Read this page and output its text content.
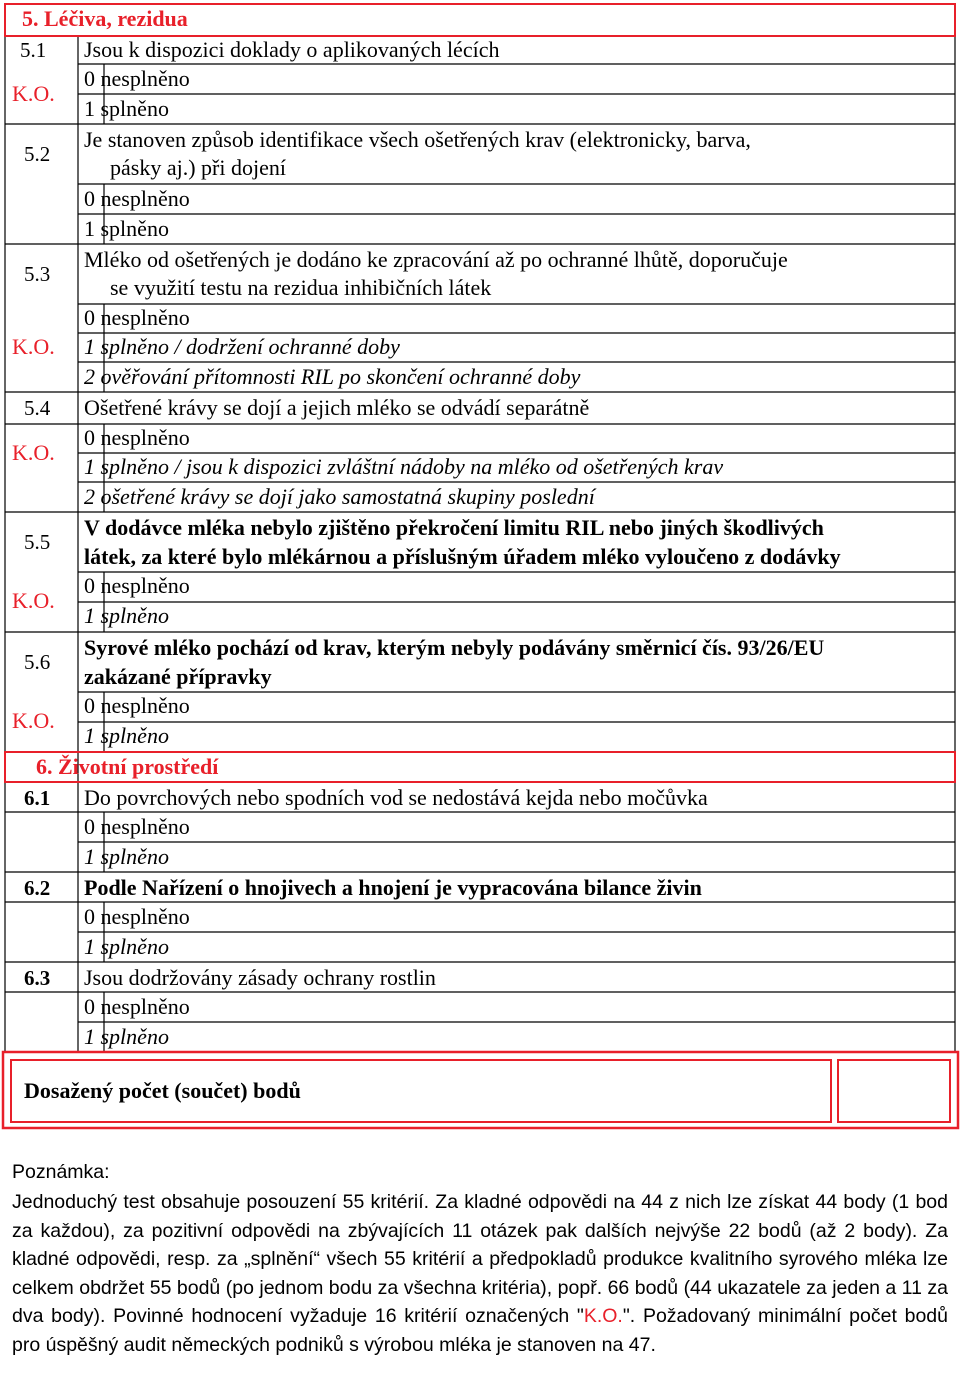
5. Léčiva, rezidua
5.1 Jsou k dispozici doklady o aplikovaných lécích
K.O.
0 nesplněno
1 splněno
5.2
Je stanoven způsob identifikace všech ošetřených krav (elektronicky, barva,
pásky aj.) při dojení
0 nesplněno
1 splněno
5.3
Mléko od ošetřených je dodáno ke zpracování až po ochranné lhůtě, doporučuje
se využití testu na rezidua inhibičních látek
K.O.
0 nesplněno
1 splněno / dodržení ochranné doby
2 ověřování přítomnosti RIL po skončení ochranné doby
5.4 Ošetřené krávy se dojí a jejich mléko se odvádí separátně
K.O.
0 nesplněno
1 splněno / jsou k dispozici zvláštní nádoby na mléko od ošetřených krav
2 ošetřené krávy se dojí jako samostatná skupiny poslední
5.5
V dodávce mléka nebylo zjištěno překročení limitu RIL nebo jiných škodlivých
látek, za které bylo mlékárnou a příslušným úřadem mléko vyloučeno z dodávky
K.O.
0 nesplněno
1 splněno
5.6
Syrové mléko pochází od krav, kterým nebyly podávány směrnicí čís. 93/26/EU
zakázané přípravky
K.O.
0 nesplněno
1 splněno
6. Životní prostředí
6.1 Do povrchových nebo spodních vod se nedostává kejda nebo močůvka
0 nesplněno
1 splněno
6.2 Podle Nařízení o hnojivech a hnojení je vypracována bilance živin
0 nesplněno
1 splněno
6.3 Jsou dodržovány zásady ochrany rostlin
0 nesplněno
1 splněno
Dosažený počet (součet) bodů
Poznámka:
Jednoduchý test obsahuje posouzení 55 kritérií. Za kladné odpovědi na 44 z nich lze získat 44 body (1 bod za každou), za pozitivní odpovědi na zbývajících 11 otázek pak dalších nejvýše 22 bodů (až 2 body). Za kladné odpovědi, resp. za „splnění“ všech 55 kritérií a předpokladů produkce kvalitního syrového mléka lze celkem obdržet 55 bodů (po jednom bodu za všechna kritéria), popř. 66 bodů (44 ukazatele za jeden a 11 za dva body). Povinné hodnocení vyžaduje 16 kritérií označených "K.O.". Požadovaný minimální počet bodů pro úspěšný audit německých podniků s výrobou mléka je stanoven na 47.
